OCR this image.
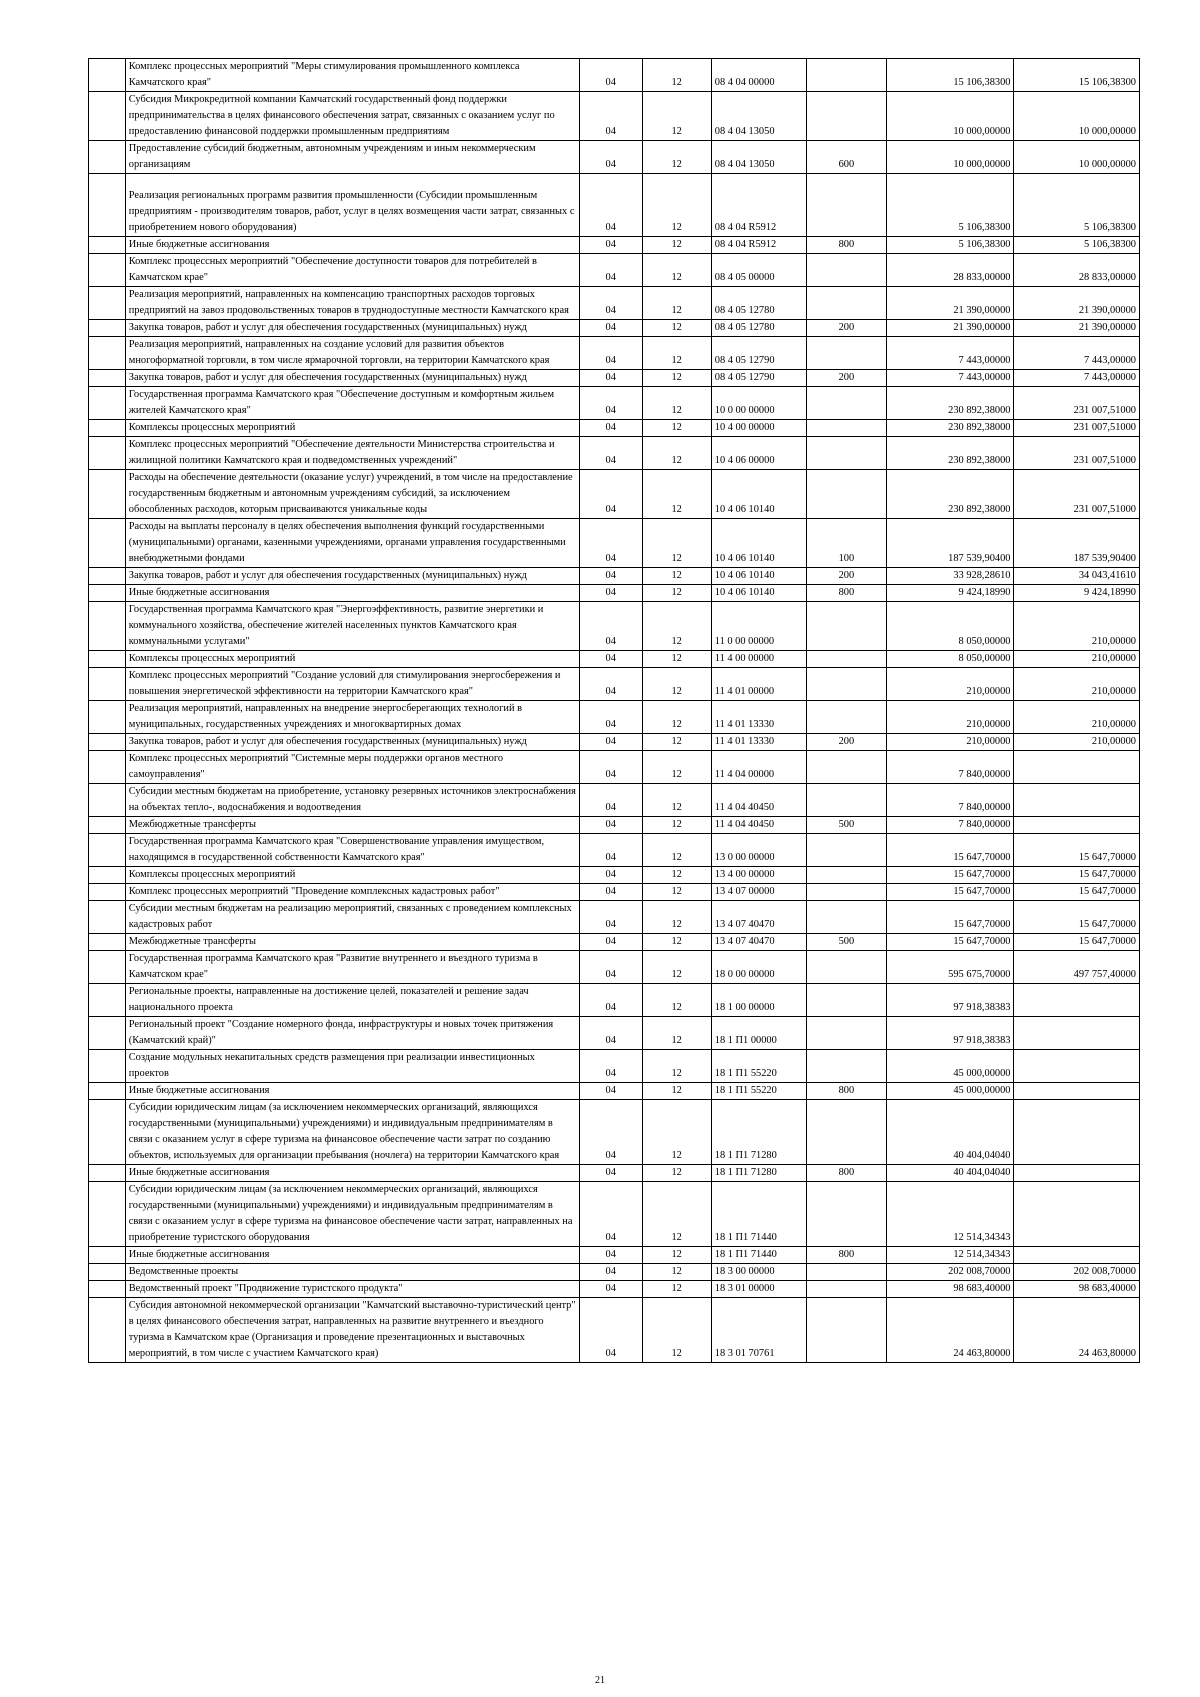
	Комплекс процессных мероприятий "Меры стимулирования промышленного комплекса Камчатского края"	04	12	08 4 04 00000		15 106,38300	15 106,38300
	Субсидия Микрокредитной компании Камчатский государственный фонд поддержки предпринимательства в целях финансового обеспечения затрат, связанных с оказанием услуг по предоставлению финансовой поддержки промышленным предприятиям	04	12	08 4 04 13050		10 000,00000	10 000,00000
	Предоставление субсидий бюджетным, автономным учреждениям и иным некоммерческим организациям	04	12	08 4 04 13050	600	10 000,00000	10 000,00000
	Реализация региональных программ развития промышленности (Субсидии промышленным предприятиям - производителям товаров, работ, услуг в целях возмещения части затрат, связанных с приобретением нового оборудования)	04	12	08 4 04 R5912		5 106,38300	5 106,38300
	Иные бюджетные ассигнования	04	12	08 4 04 R5912	800	5 106,38300	5 106,38300
	Комплекс процессных мероприятий "Обеспечение доступности товаров для потребителей в Камчатском крае"	04	12	08 4 05 00000		28 833,00000	28 833,00000
	Реализация мероприятий, направленных на компенсацию транспортных расходов торговых предприятий на завоз продовольственных товаров в труднодоступные местности Камчатского края	04	12	08 4 05 12780		21 390,00000	21 390,00000
	Закупка товаров, работ и услуг для обеспечения государственных (муниципальных) нужд	04	12	08 4 05 12780	200	21 390,00000	21 390,00000
	Реализация мероприятий, направленных на создание условий для развития объектов многоформатной торговли, в том числе ярмарочной торговли, на территории Камчатского края	04	12	08 4 05 12790		7 443,00000	7 443,00000
	Закупка товаров, работ и услуг для обеспечения государственных (муниципальных) нужд	04	12	08 4 05 12790	200	7 443,00000	7 443,00000
	Государственная программа Камчатского края "Обеспечение доступным и комфортным жильем жителей Камчатского края"	04	12	10 0 00 00000		230 892,38000	231 007,51000
	Комплексы процессных мероприятий	04	12	10 4 00 00000		230 892,38000	231 007,51000
	Комплекс процессных мероприятий "Обеспечение деятельности Министерства строительства и жилищной политики Камчатского края и подведомственных учреждений"	04	12	10 4 06 00000		230 892,38000	231 007,51000
	Расходы на обеспечение деятельности (оказание услуг) учреждений, в том числе на предоставление государственным бюджетным и автономным учреждениям субсидий, за исключением обособленных расходов, которым присваиваются уникальные коды	04	12	10 4 06 10140		230 892,38000	231 007,51000
	Расходы на выплаты персоналу в целях обеспечения выполнения функций государственными (муниципальными) органами, казенными учреждениями, органами управления государственными внебюджетными фондами	04	12	10 4 06 10140	100	187 539,90400	187 539,90400
	Закупка товаров, работ и услуг для обеспечения государственных (муниципальных) нужд	04	12	10 4 06 10140	200	33 928,28610	34 043,41610
	Иные бюджетные ассигнования	04	12	10 4 06 10140	800	9 424,18990	9 424,18990
	Государственная программа Камчатского края "Энергоэффективность, развитие энергетики и коммунального хозяйства, обеспечение жителей населенных пунктов Камчатского края коммунальными услугами"	04	12	11 0 00 00000		8 050,00000	210,00000
	Комплексы процессных мероприятий	04	12	11 4 00 00000		8 050,00000	210,00000
	Комплекс процессных мероприятий "Создание условий для стимулирования энергосбережения и повышения энергетической эффективности на территории Камчатского края"	04	12	11 4 01 00000		210,00000	210,00000
	Реализация мероприятий, направленных на внедрение энергосберегающих технологий в муниципальных, государственных учреждениях и многоквартирных домах	04	12	11 4 01 13330		210,00000	210,00000
	Закупка товаров, работ и услуг для обеспечения государственных (муниципальных) нужд	04	12	11 4 01 13330	200	210,00000	210,00000
	Комплекс процессных мероприятий "Системные меры поддержки органов местного самоуправления"	04	12	11 4 04 00000		7 840,00000	
	Субсидии местным бюджетам на приобретение, установку резервных источников электроснабжения на объектах тепло-, водоснабжения и водоотведения	04	12	11 4 04 40450		7 840,00000	
	Межбюджетные трансферты	04	12	11 4 04 40450	500	7 840,00000	
	Государственная программа Камчатского края "Совершенствование управления имуществом, находящимся в государственной собственности Камчатского края"	04	12	13 0 00 00000		15 647,70000	15 647,70000
	Комплексы процессных мероприятий	04	12	13 4 00 00000		15 647,70000	15 647,70000
	Комплекс процессных мероприятий "Проведение комплексных кадастровых работ"	04	12	13 4 07 00000		15 647,70000	15 647,70000
	Субсидии местным бюджетам на реализацию мероприятий, связанных с проведением комплексных кадастровых работ	04	12	13 4 07 40470		15 647,70000	15 647,70000
	Межбюджетные трансферты	04	12	13 4 07 40470	500	15 647,70000	15 647,70000
	Государственная программа Камчатского края "Развитие внутреннего и въездного туризма в Камчатском крае"	04	12	18 0 00 00000		595 675,70000	497 757,40000
	Региональные проекты, направленные на достижение целей, показателей и решение задач национального проекта	04	12	18 1 00 00000		97 918,38383	
	Региональный проект "Создание номерного фонда, инфраструктуры и новых точек притяжения (Камчатский край)"	04	12	18 1 П1 00000		97 918,38383	
	Создание модульных некапитальных средств размещения при реализации инвестиционных проектов	04	12	18 1 П1 55220		45 000,00000	
	Иные бюджетные ассигнования	04	12	18 1 П1 55220	800	45 000,00000	
	Субсидии юридическим лицам (за исключением некоммерческих организаций, являющихся государственными (муниципальными) учреждениями) и индивидуальным предпринимателям в связи с оказанием услуг в сфере туризма на финансовое обеспечение части затрат по созданию объектов, используемых для организации пребывания (ночлега) на территории Камчатского края	04	12	18 1 П1 71280		40 404,04040	
	Иные бюджетные ассигнования	04	12	18 1 П1 71280	800	40 404,04040	
	Субсидии юридическим лицам (за исключением некоммерческих организаций, являющихся государственными (муниципальными) учреждениями) и индивидуальным предпринимателям в связи с оказанием услуг в сфере туризма на финансовое обеспечение части затрат, направленных на приобретение туристского оборудования	04	12	18 1 П1 71440		12 514,34343	
	Иные бюджетные ассигнования	04	12	18 1 П1 71440	800	12 514,34343	
	Ведомственные проекты	04	12	18 3 00 00000		202 008,70000	202 008,70000
	Ведомственный проект "Продвижение туристского продукта"	04	12	18 3 01 00000		98 683,40000	98 683,40000
	Субсидия автономной некоммерческой организации "Камчатский выставочно-туристический центр" в целях финансового обеспечения затрат, направленных на развитие внутреннего и въездного туризма в Камчатском крае (Организация и проведение презентационных и выставочных мероприятий, в том числе с участием Камчатского края)	04	12	18 3 01 70761		24 463,80000	24 463,80000
21
